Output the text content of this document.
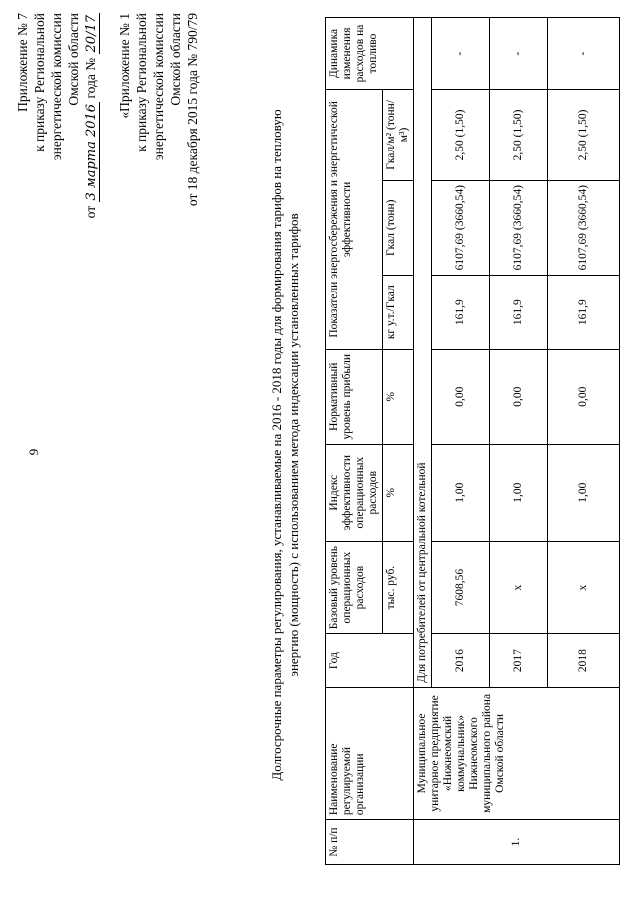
9
Приложение № 7 к приказу Региональной энергетической комиссии Омской области
от 3 марта 2016 года № 20/17 «Приложение № 1 к приказу Региональной энергетической комиссии Омской области от 18 декабря 2015 года № 790/79	Долгосрочные параметры регулирования, устанавливаемые на 2016 - 2018 годы для формирования тарифов на тепловую энергию (мощность) с использованием метода индексации установленных тарифов
№ п/п	Наименование регулируемой организации	Год	Базовый уровень операционных расходов	Индекс эффективности операционных расходов	Нормативный уровень прибыли	Показатели энергосбережения и энергетической эффективности			Динамика изменения расходов на топливо
			тыс. руб.	%	%	кг у.т./Гкал	Гкал (тонн)	Гкал/м² (тонн/м³)	
1.	Муниципальное унитарное предприятие «Нижнеомский коммунальник» Нижнеомского муниципального района Омской области	Для потребителей от центральной котельной							
		2016	7608,56	1,00	0,00	161,9	6107,69 (3660,54)	2,50 (1,50)	-
		2017	x	1,00	0,00	161,9	6107,69 (3660,54)	2,50 (1,50)	-
		2018	x	1,00	0,00	161,9	6107,69 (3660,54)	2,50 (1,50)	-
